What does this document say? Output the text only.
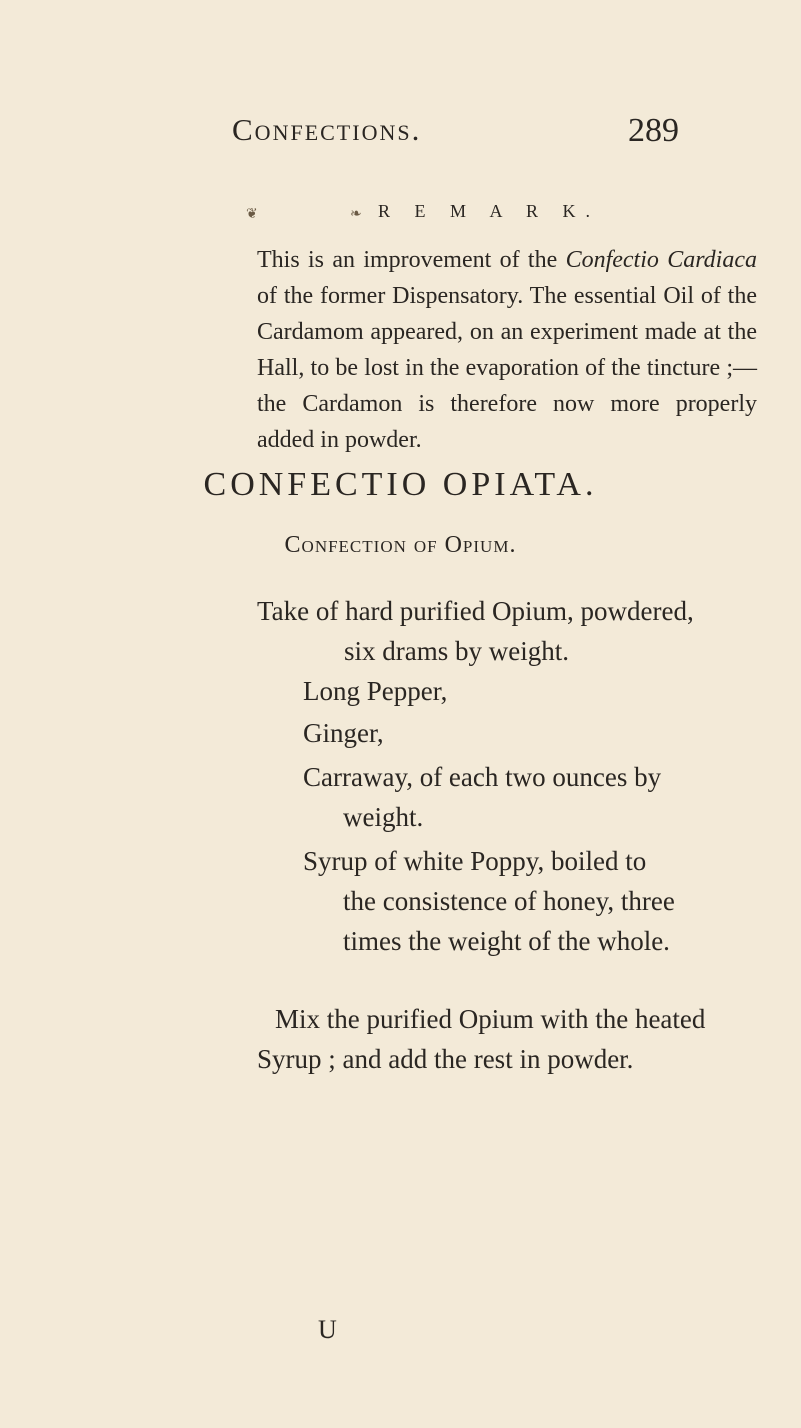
Confections.	289
❦	❧ R E M A R K.
This is an improvement of the Confectio Cardiaca of the former Dispensatory. The essential Oil of the Cardamom appeared, on an experiment made at the Hall, to be lost in the evaporation of the tincture ;—the Cardamon is therefore now more properly added in powder.
CONFECTIO OPIATA.
Confection of Opium.
Take of hard purified Opium, powdered,
six drams by weight.
Long Pepper,
Ginger,
Carraway, of each two ounces by
weight.
Syrup of white Poppy, boiled to
the consistence of honey, three
times the weight of the whole.
Mix the purified Opium with the heated
Syrup ; and add the rest in powder.
U
